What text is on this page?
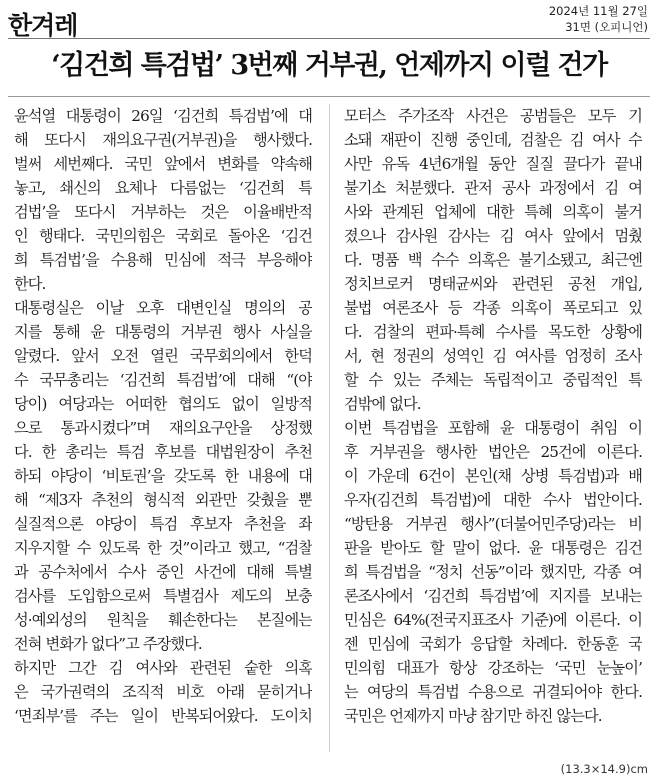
한겨레	2024년 11월 27일
31면 (오피니언)
‘김건희 특검법’ 3번째 거부권, 언제까지 이럴 건가
윤석열 대통령이 26일 ‘김건희 특검법’에 대
해 또다시 재의요구권(거부권)을 행사했다.
벌써 세번째다. 국민 앞에서 변화를 약속해
놓고, 쇄신의 요체나 다름없는 ‘김건희 특
검법’을 또다시 거부하는 것은 이율배반적
인 행태다. 국민의힘은 국회로 돌아온 ‘김건
희 특검법’을 수용해 민심에 적극 부응해야
한다.
대통령실은 이날 오후 대변인실 명의의 공
지를 통해 윤 대통령의 거부권 행사 사실을
알렸다. 앞서 오전 열린 국무회의에서 한덕
수 국무총리는 ‘김건희 특검법’에 대해 “(야
당이) 여당과는 어떠한 협의도 없이 일방적
으로 통과시켰다”며 재의요구안을 상정했
다. 한 총리는 특검 후보를 대법원장이 추천
하되 야당이 ‘비토권’을 갖도록 한 내용에 대
해 “제3자 추천의 형식적 외관만 갖췄을 뿐
실질적으론 야당이 특검 후보자 추천을 좌
지우지할 수 있도록 한 것”이라고 했고, “검찰
과 공수처에서 수사 중인 사건에 대해 특별
검사를 도입함으로써 특별검사 제도의 보충
성·예외성의 원칙을 훼손한다는 본질에는
전혀 변화가 없다”고 주장했다.
하지만 그간 김 여사와 관련된 숱한 의혹
은 국가권력의 조직적 비호 아래 묻히거나
‘면죄부’를 주는 일이 반복되어왔다. 도이치
모터스 주가조작 사건은 공범들은 모두 기
소돼 재판이 진행 중인데, 검찰은 김 여사 수
사만 유독 4년6개월 동안 질질 끌다가 끝내
불기소 처분했다. 관저 공사 과정에서 김 여
사와 관계된 업체에 대한 특혜 의혹이 불거
졌으나 감사원 감사는 김 여사 앞에서 멈췄
다. 명품 백 수수 의혹은 불기소됐고, 최근엔
정치브로커 명태균씨와 관련된 공천 개입,
불법 여론조사 등 각종 의혹이 폭로되고 있
다. 검찰의 편파·특혜 수사를 목도한 상황에
서, 현 정권의 성역인 김 여사를 엄정히 조사
할 수 있는 주체는 독립적이고 중립적인 특
검밖에 없다.
이번 특검법을 포함해 윤 대통령이 취임 이
후 거부권을 행사한 법안은 25건에 이른다.
이 가운데 6건이 본인(채 상병 특검법)과 배
우자(김건희 특검법)에 대한 수사 법안이다.
“방탄용 거부권 행사”(더불어민주당)라는 비
판을 받아도 할 말이 없다. 윤 대통령은 김건
희 특검법을 “정치 선동”이라 했지만, 각종 여
론조사에서 ‘김건희 특검법’에 지지를 보내는
민심은 64%(전국지표조사 기준)에 이른다. 이
젠 민심에 국회가 응답할 차례다. 한동훈 국
민의힘 대표가 항상 강조하는 ‘국민 눈높이’
는 여당의 특검법 수용으로 귀결되어야 한다.
국민은 언제까지 마냥 참기만 하진 않는다.
(13.3×14.9)cm
